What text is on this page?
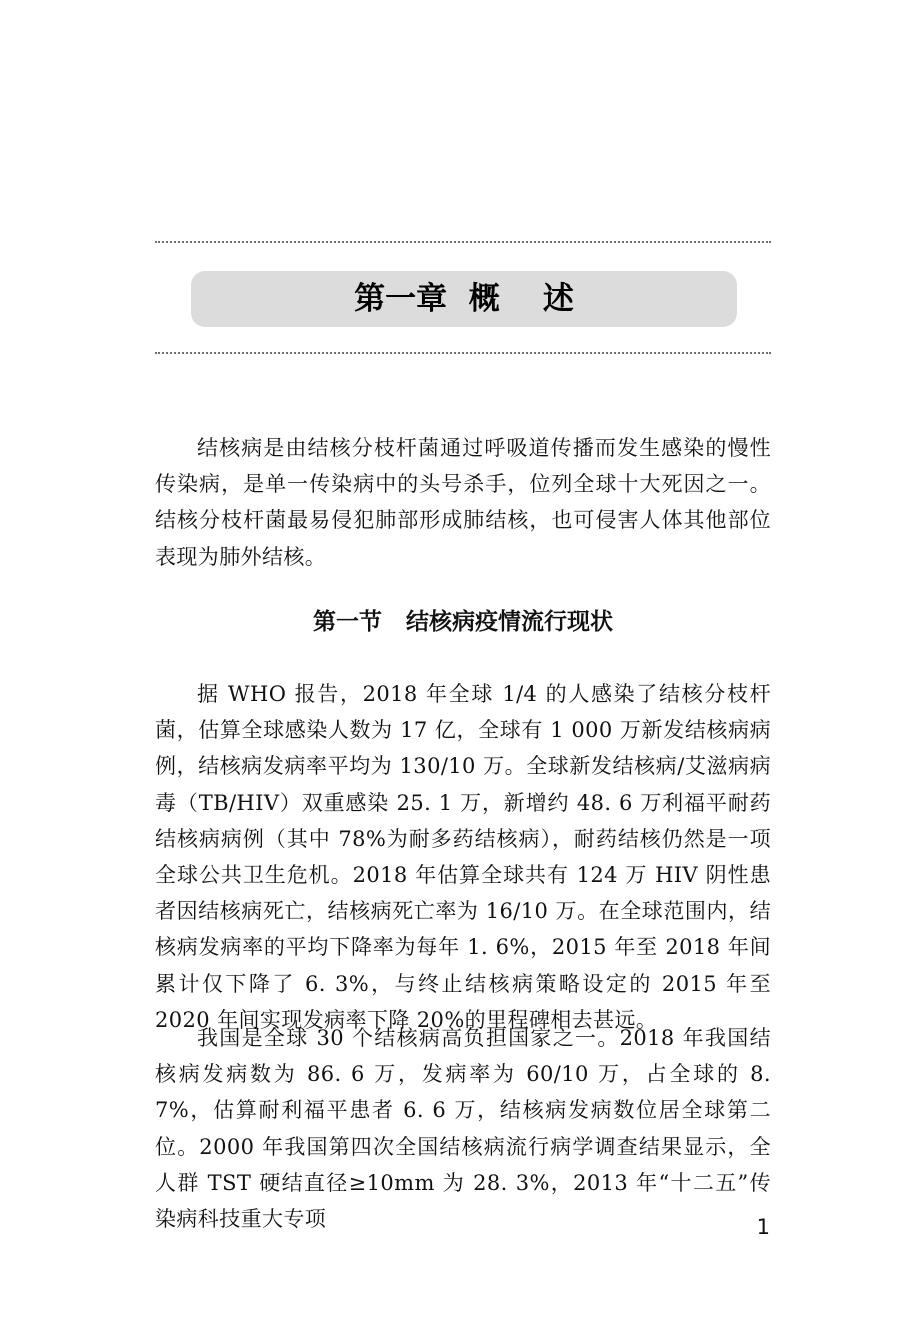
第一章  概    述

结核病是由结核分枝杆菌通过呼吸道传播而发生感染的慢性传染病，是单一传染病中的头号杀手，位列全球十大死因之一。结核分枝杆菌最易侵犯肺部形成肺结核，也可侵害人体其他部位表现为肺外结核。

第一节   结核病疫情流行现状

据 WHO 报告，2018 年全球 1/4 的人感染了结核分枝杆菌，估算全球感染人数为 17 亿，全球有 1 000 万新发结核病病例，结核病发病率平均为 130/10 万。全球新发结核病/艾滋病病毒（TB/HIV）双重感染 25. 1 万，新增约 48. 6 万利福平耐药结核病病例（其中 78%为耐多药结核病），耐药结核仍然是一项全球公共卫生危机。2018 年估算全球共有 124 万 HIV 阴性患者因结核病死亡，结核病死亡率为 16/10 万。在全球范围内，结核病发病率的平均下降率为每年 1. 6%，2015 年至 2018 年间累计仅下降了 6. 3%，与终止结核病策略设定的 2015 年至 2020 年间实现发病率下降 20%的里程碑相去甚远。

我国是全球 30 个结核病高负担国家之一。2018 年我国结核病发病数为 86. 6 万，发病率为 60/10 万，占全球的 8. 7%，估算耐利福平患者 6. 6 万，结核病发病数位居全球第二位。2000 年我国第四次全国结核病流行病学调查结果显示，全人群 TST 硬结直径≥10mm 为 28. 3%，2013 年“十二五”传染病科技重大专项	1
